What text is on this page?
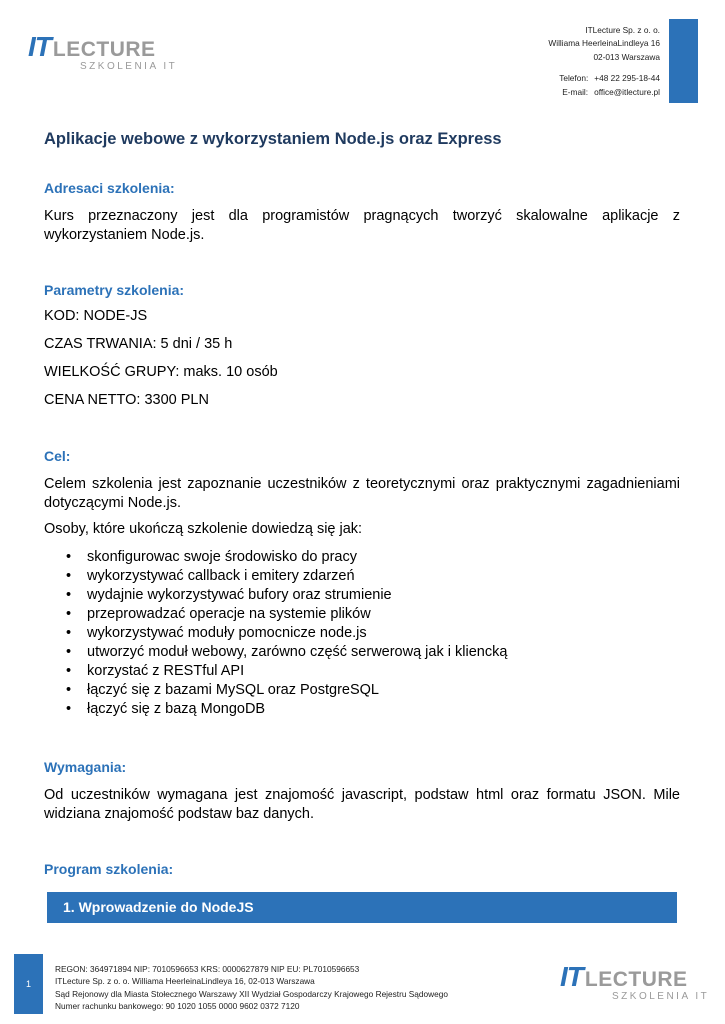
IT LECTURE
SZKOLENIA IT
ITLecture Sp. z o. o.
Williama HeerleinaLindleya 16
02-013 Warszawa
Telefon: +48 22 295-18-44
E-mail: office@itlecture.pl
Aplikacje webowe z wykorzystaniem Node.js oraz Express
Adresaci szkolenia:
Kurs przeznaczony jest dla programistów pragnących tworzyć skalowalne aplikacje z wykorzystaniem Node.js.
Parametry szkolenia:
KOD: NODE-JS
CZAS TRWANIA: 5 dni / 35 h
WIELKOŚĆ GRUPY: maks. 10 osób
CENA NETTO: 3300 PLN
Cel:
Celem szkolenia jest zapoznanie uczestników z teoretycznymi oraz praktycznymi zagadnieniami dotyczącymi Node.js.
Osoby, które ukończą szkolenie dowiedzą się jak:
• skonfigurowac swoje środowisko do pracy
• wykorzystywać callback i emitery zdarzeń
• wydajnie wykorzystywać bufory oraz strumienie
• przeprowadzać operacje na systemie plików
• wykorzystywać moduły pomocnicze node.js
• utworzyć moduł webowy, zarówno część serwerową jak i kliencką
• korzystać z RESTful API
• łączyć się z bazami MySQL oraz PostgreSQL
• łączyć się z bazą MongoDB
Wymagania:
Od uczestników wymagana jest znajomość javascript, podstaw html oraz formatu JSON. Mile widziana znajomość podstaw baz danych.
Program szkolenia:
1. Wprowadzenie do NodeJS
1
REGON: 364971894 NIP: 7010596653 KRS: 0000627879 NIP EU: PL7010596653
ITLecture Sp. z o. o. Williama HeerleinaLindleya 16, 02-013 Warszawa
Sąd Rejonowy dla Miasta Stołecznego Warszawy XII Wydział Gospodarczy Krajowego Rejestru Sądowego
Numer rachunku bankowego: 90 1020 1055 0000 9602 0372 7120
IT LECTURE
SZKOLENIA IT
